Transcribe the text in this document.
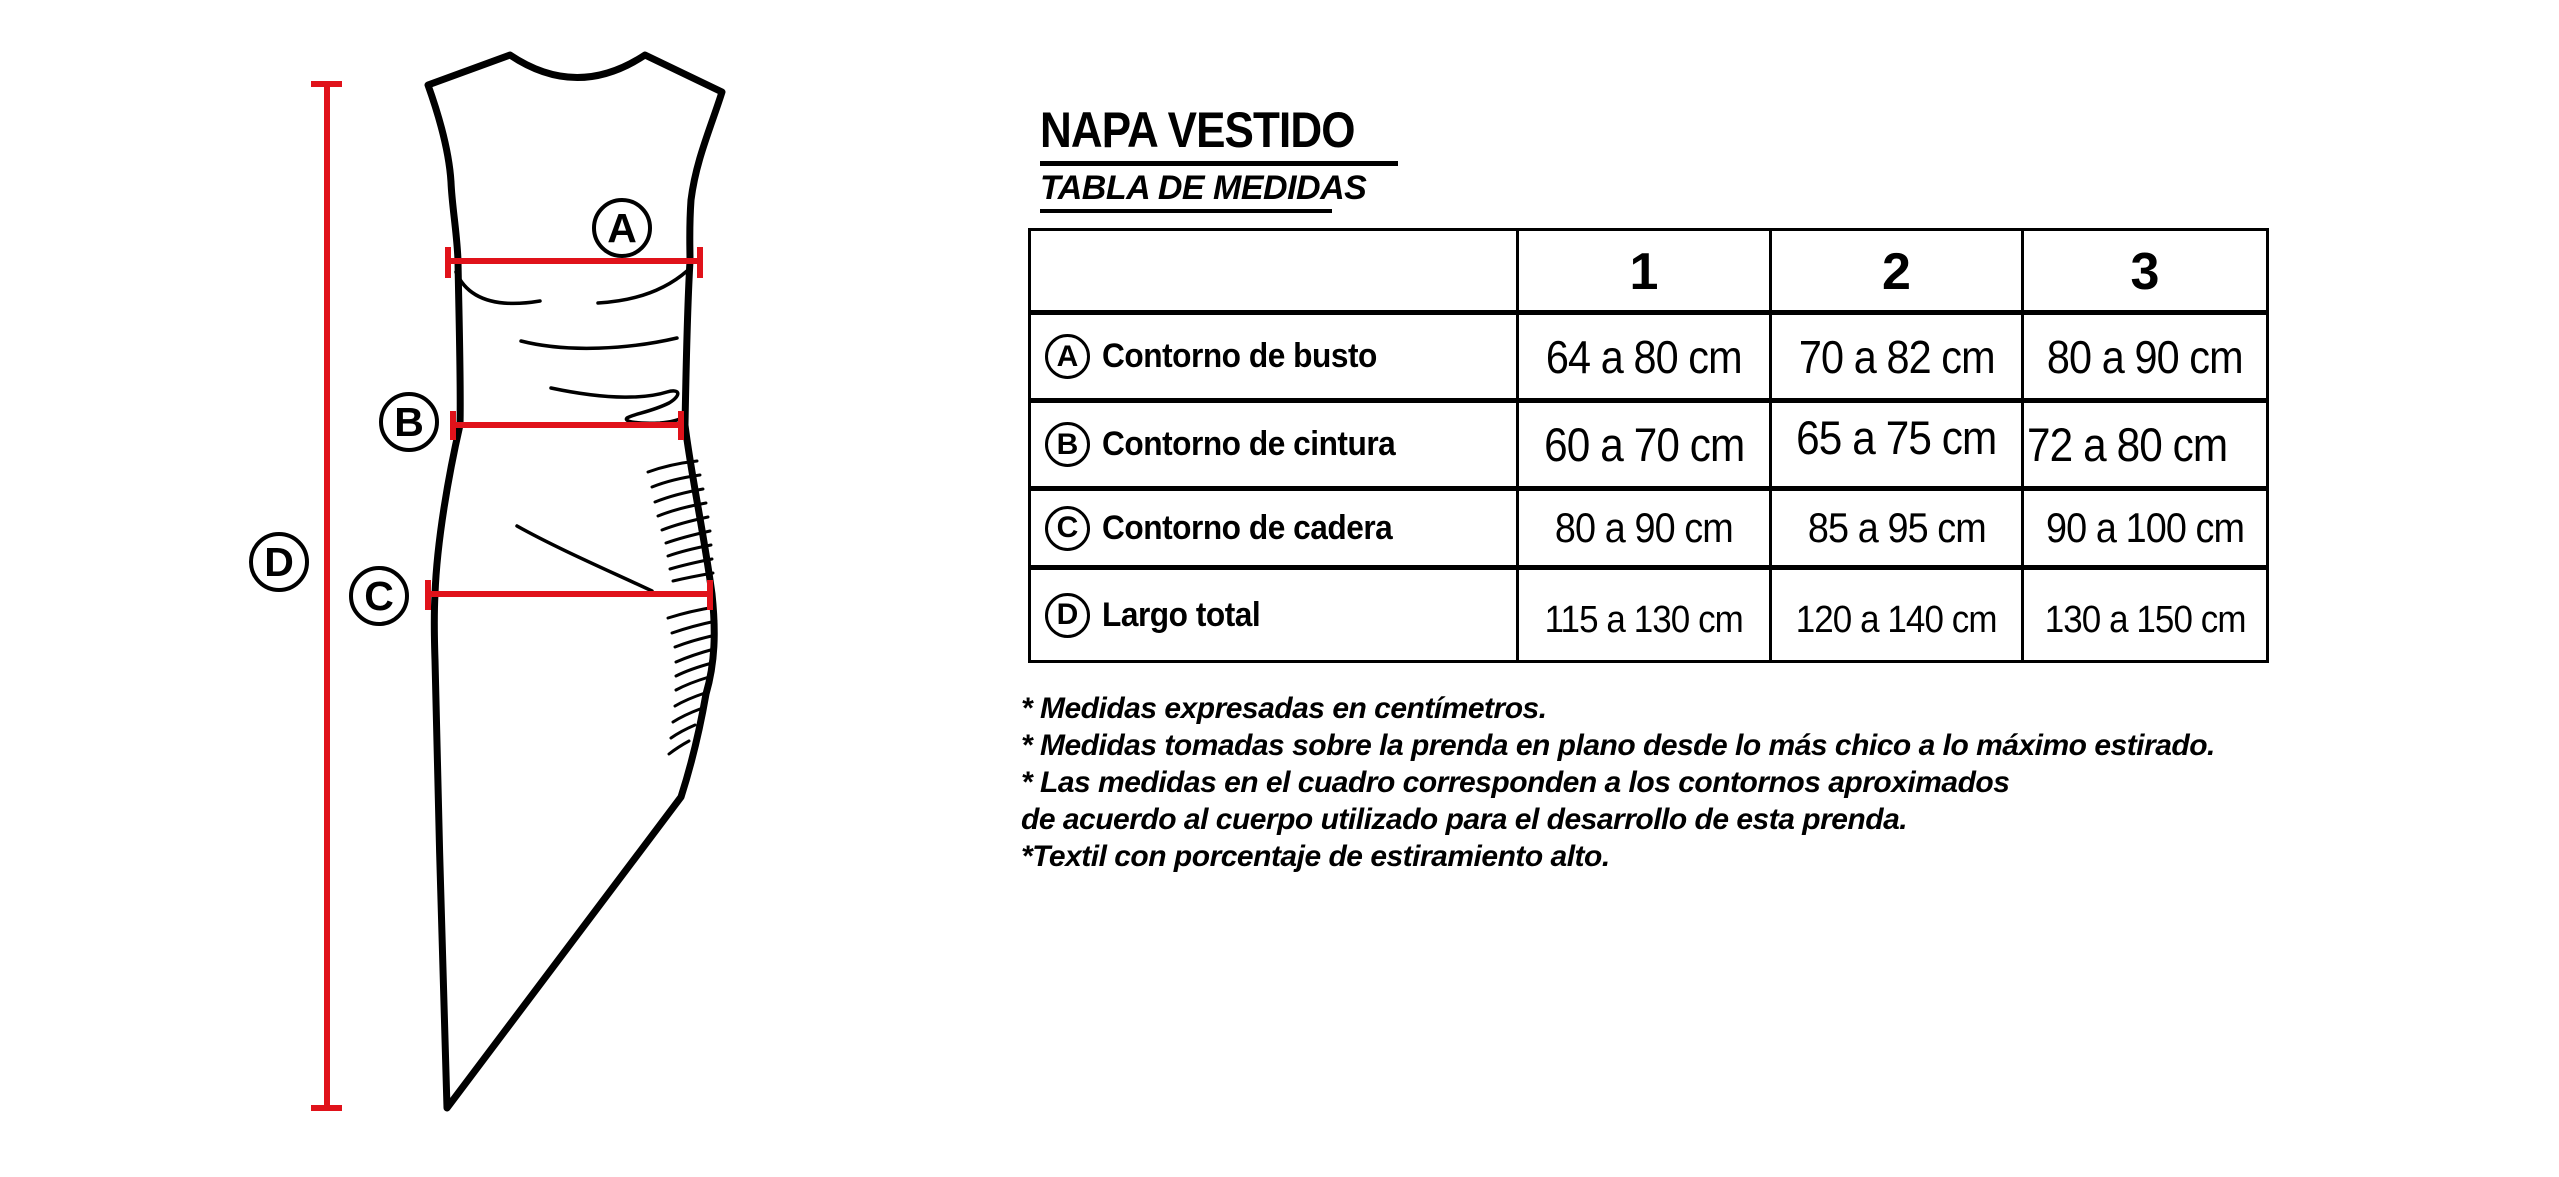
A
B
C
D
NAPA VESTIDO
TABLA DE MEDIDAS
1	2	3
A Contorno de busto	64 a 80 cm 70 a 82 cm 80 a 90 cm
B Contorno de cintura	60 a 70 cm 65 a 75 cm 72 a 80 cm
C Contorno de cadera	80 a 90 cm 85 a 95 cm 90 a 100 cm
D Largo total	115 a 130 cm 120 a 140 cm 130 a 150 cm
* Medidas expresadas en centímetros.
* Medidas tomadas sobre la prenda en plano desde lo más chico a lo máximo estirado.
* Las medidas en el cuadro corresponden a los contornos aproximados
de acuerdo al cuerpo utilizado para el desarrollo de esta prenda.
*Textil con porcentaje de estiramiento alto.
